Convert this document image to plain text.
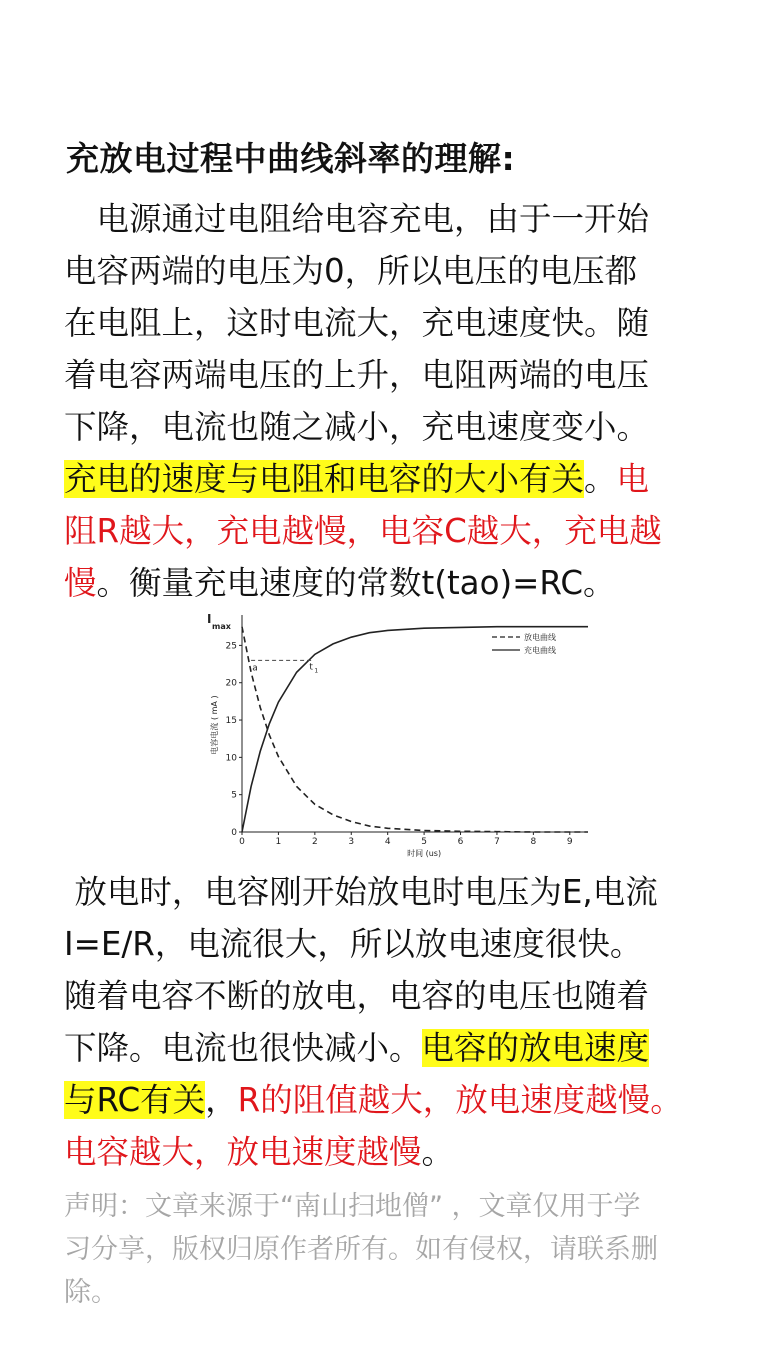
充放电过程中曲线斜率的理解:
　电源通过电阻给电容充电，由于一开始
电容两端的电压为0，所以电压的电压都
在电阻上，这时电流大，充电速度快。随
着电容两端电压的上升，电阻两端的电压
下降，电流也随之减小，充电速度变小。
充电的速度与电阻和电容的大小有关。电
阻R越大，充电越慢，电容C越大，充电越
慢。衡量充电速度的常数t(tao)=RC。
0	1	2	3	4	5	6	7	8	9
0
5
10
15
20
25
I
max
电容电流 ( mA )
时间 (us)
a	t 1
放电曲线
充电曲线
放电时，电容刚开始放电时电压为E,电流
I=E/R，电流很大，所以放电速度很快。
随着电容不断的放电，电容的电压也随着
下降。电流也很快减小。电容的放电速度
与RC有关，R的阻值越大，放电速度越慢。
电容越大，放电速度越慢。
声明：文章来源于“南山扫地僧” ，文章仅用于学
习分享，版权归原作者所有。如有侵权，请联系删
除。
